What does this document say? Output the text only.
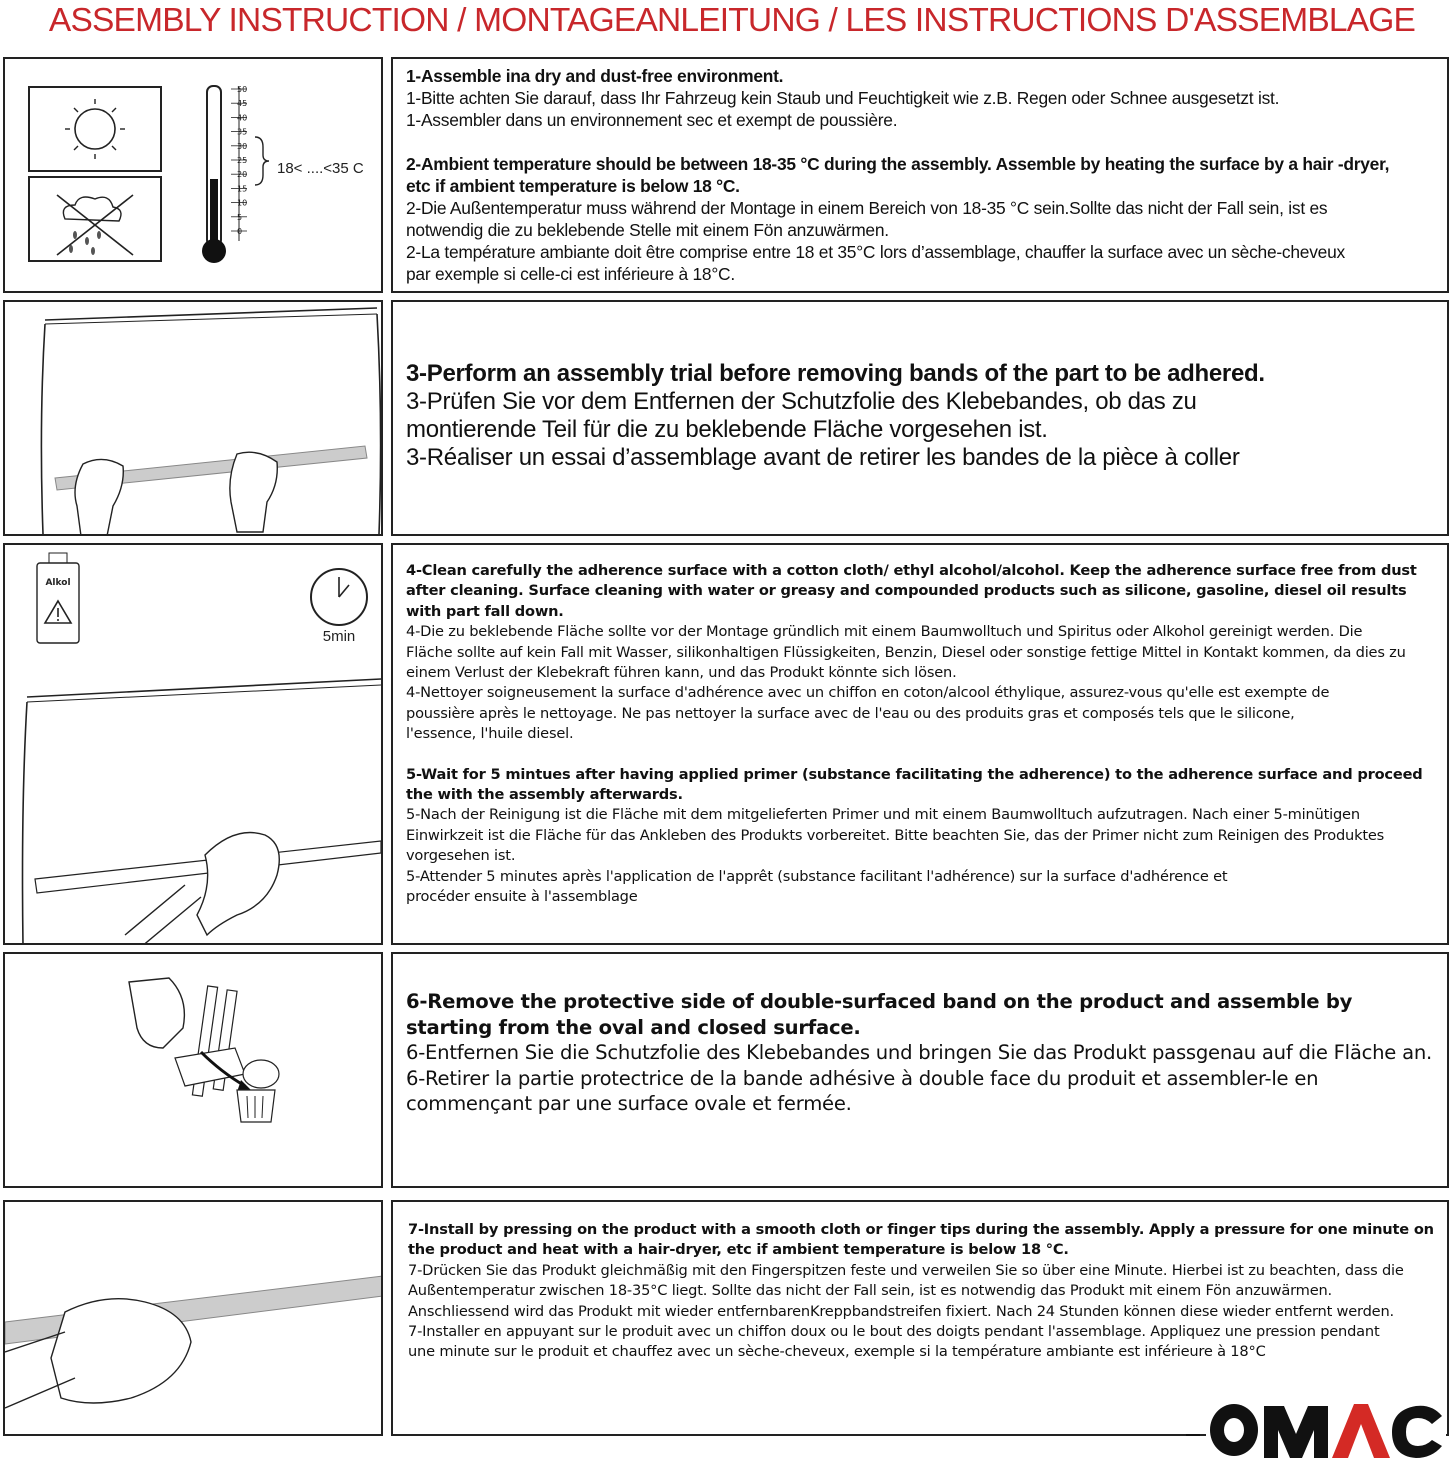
ASSEMBLY INSTRUCTION / MONTAGEANLEITUNG / LES INSTRUCTIONS D'ASSEMBLAGE
50
45
40
35
30
25
20
15
10
5
0
18< ....<35 C
1-Assemble ina dry and dust-free environment.
1-Bitte achten Sie darauf, dass Ihr Fahrzeug kein Staub und Feuchtigkeit wie z.B. Regen oder Schnee ausgesetzt ist.
1-Assembler dans un environnement sec et exempt de poussière.
2-Ambient temperature should be between 18-35 °C during the assembly. Assemble by heating the surface by a hair -dryer, etc if ambient temperature is below 18 °C.
2-Die Außentemperatur muss während der Montage in einem Bereich von 18-35 °C sein.Sollte das nicht der Fall sein, ist es notwendig die zu beklebende Stelle mit einem Fön anzuwärmen.
2-La température ambiante doit être comprise entre 18 et 35°C lors d’assemblage, chauffer la surface avec un sèche-cheveux par exemple si celle-ci est inférieure à 18°C.
3-Perform an assembly trial before removing bands of the part to be adhered.
3-Prüfen Sie vor dem Entfernen der Schutzfolie des Klebebandes, ob das zu montierende Teil für die zu beklebende Fläche vorgesehen ist.
3-Réaliser un essai d’assemblage avant de retirer les bandes de la pièce à coller
Alkol
5min
4-Clean carefully the adherence surface with a cotton cloth/ ethyl alcohol/alcohol. Keep the adherence surface free from dust after cleaning. Surface cleaning with water or greasy and compounded products such as silicone, gasoline, diesel oil results with part fall down.
4-Die zu beklebende Fläche sollte vor der Montage gründlich mit einem Baumwolltuch und Spiritus oder Alkohol gereinigt werden. Die Fläche sollte auf kein Fall mit Wasser, silikonhaltigen Flüssigkeiten, Benzin, Diesel oder sonstige fettige Mittel in Kontakt kommen, da dies zu einem Verlust der Klebekraft führen kann, und das Produkt könnte sich lösen.
4-Nettoyer soigneusement la surface d'adhérence avec un chiffon en coton/alcool éthylique, assurez-vous qu'elle est exempte de poussière après le nettoyage. Ne pas nettoyer la surface avec de l'eau ou des produits gras et composés tels que le silicone, l'essence, l'huile diesel.
5-Wait for 5 mintues after having applied primer (substance facilitating the adherence) to the adherence surface and proceed the with the assembly afterwards.
5-Nach der Reinigung ist die Fläche mit dem mitgelieferten Primer und mit einem Baumwolltuch aufzutragen. Nach einer 5-minütigen Einwirkzeit ist die Fläche für das Ankleben des Produkts vorbereitet. Bitte beachten Sie, das der Primer nicht zum Reinigen des Produktes vorgesehen ist.
5-Attender 5 minutes après l'application de l'apprêt (substance facilitant l'adhérence) sur la surface d'adhérence et procéder ensuite à l'assemblage
6-Remove the protective side of double-surfaced band on the product and assemble by starting from the oval and closed surface.
6-Entfernen Sie die Schutzfolie des Klebebandes und bringen Sie das Produkt passgenau auf die Fläche an.
6-Retirer la partie protectrice de la bande adhésive à double face du produit et assembler-le en commençant par une surface ovale et fermée.
7-Install by pressing on the product with a smooth cloth or finger tips during the assembly. Apply a pressure for one minute on the product and heat with a hair-dryer, etc if ambient temperature is below 18 °C.
7-Drücken Sie das Produkt gleichmäßig mit den Fingerspitzen feste und verweilen Sie so über eine Minute. Hierbei ist zu beachten, dass die Außentemperatur zwischen 18-35°C liegt. Sollte das nicht der Fall sein, ist es notwendig das Produkt mit einem Fön anzuwärmen. Anschliessend wird das Produkt mit wieder entfernbarenKreppbandstreifen fixiert. Nach 24 Stunden können diese wieder entfernt werden.
7-Installer en appuyant sur le produit avec un chiffon doux ou le bout des doigts pendant l'assemblage. Appliquez une pression pendant une minute sur le produit et chauffez avec un sèche-cheveux, exemple si la température ambiante est inférieure à 18°C
